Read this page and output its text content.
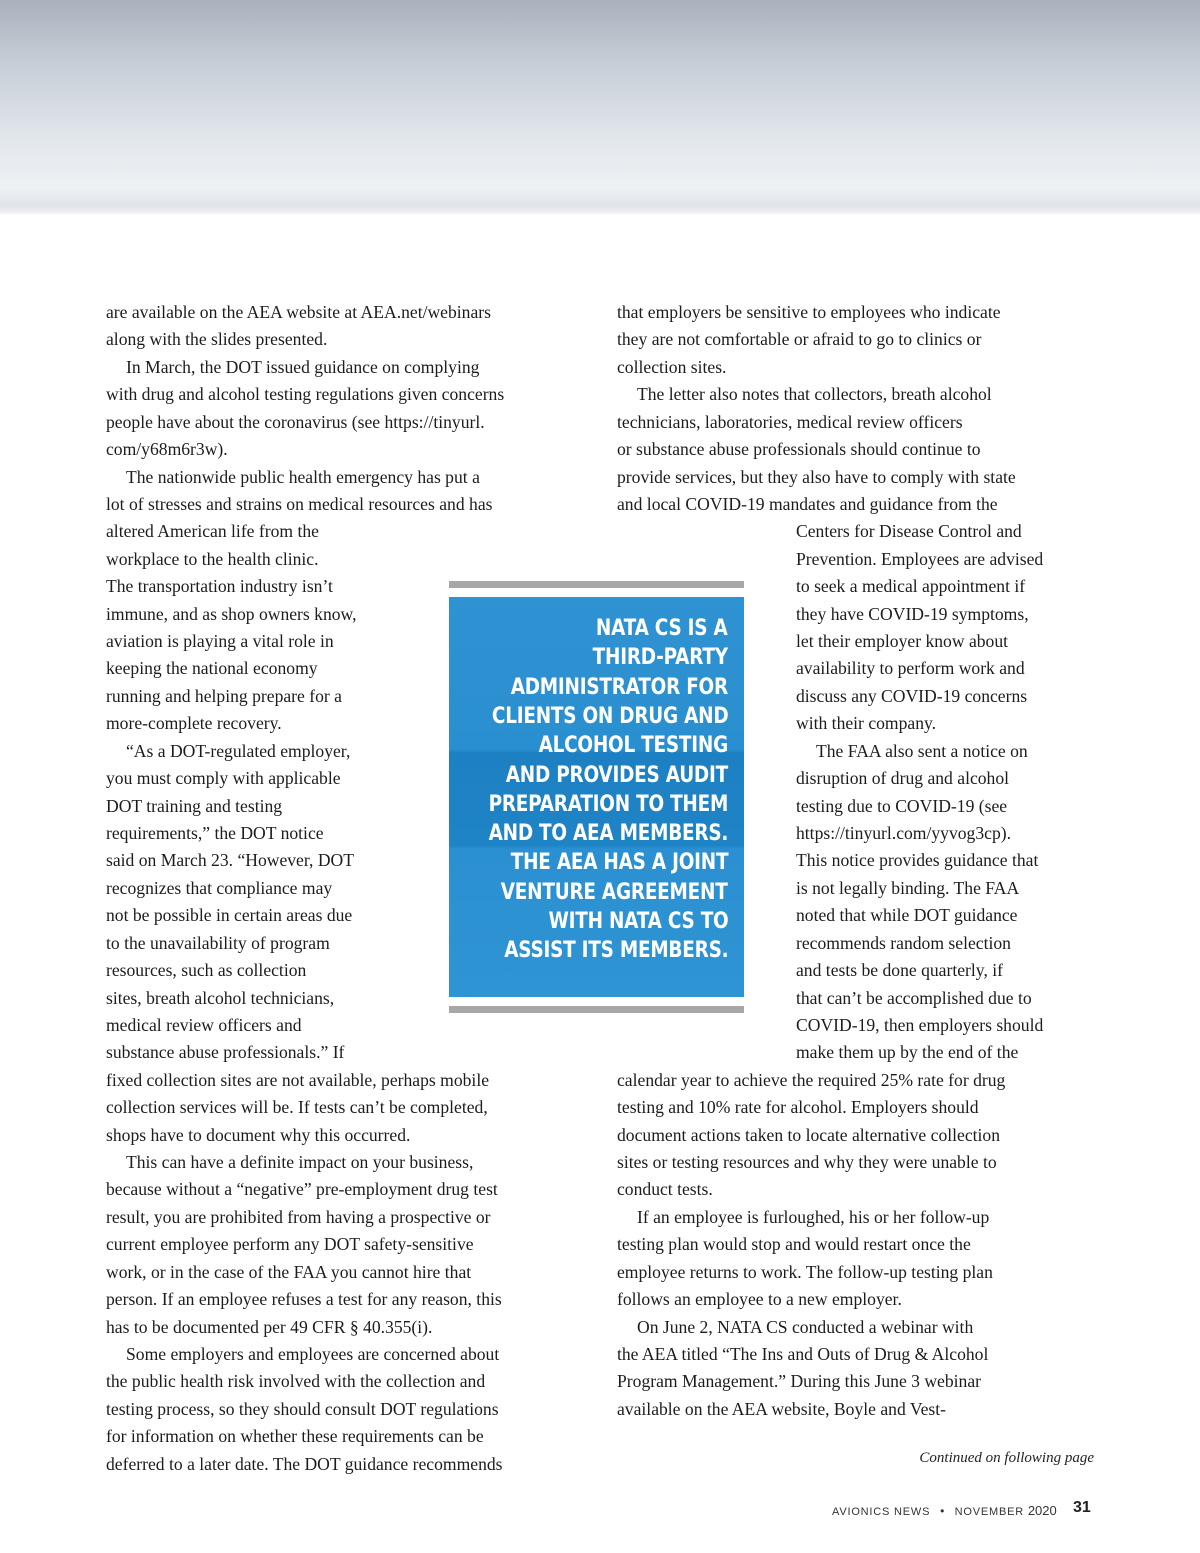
are available on the AEA website at AEA.net/webinars
along with the slides presented.
In March, the DOT issued guidance on complying
with drug and alcohol testing regulations given concerns
people have about the coronavirus (see https://tinyurl.
com/y68m6r3w).
The nationwide public health emergency has put a
lot of stresses and strains on medical resources and has
altered American life from the
workplace to the health clinic.
The transportation industry isn’t
immune, and as shop owners know,
aviation is playing a vital role in
keeping the national economy
running and helping prepare for a
more-complete recovery.
“As a DOT-regulated employer,
you must comply with applicable
DOT training and testing
requirements,” the DOT notice
said on March 23. “However, DOT
recognizes that compliance may
not be possible in certain areas due
to the unavailability of program
resources, such as collection
sites, breath alcohol technicians,
medical review officers and
substance abuse professionals.” If
fixed collection sites are not available, perhaps mobile
collection services will be. If tests can’t be completed,
shops have to document why this occurred.
This can have a definite impact on your business,
because without a “negative” pre-employment drug test
result, you are prohibited from having a prospective or
current employee perform any DOT safety-sensitive
work, or in the case of the FAA you cannot hire that
person. If an employee refuses a test for any reason, this
has to be documented per 49 CFR § 40.355(i).
Some employers and employees are concerned about
the public health risk involved with the collection and
testing process, so they should consult DOT regulations
for information on whether these requirements can be
deferred to a later date. The DOT guidance recommends
that employers be sensitive to employees who indicate
they are not comfortable or afraid to go to clinics or
collection sites.
The letter also notes that collectors, breath alcohol
technicians, laboratories, medical review officers
or substance abuse professionals should continue to
provide services, but they also have to comply with state
and local COVID-19 mandates and guidance from the
Centers for Disease Control and
Prevention. Employees are advised
to seek a medical appointment if
they have COVID-19 symptoms,
let their employer know about
availability to perform work and
discuss any COVID-19 concerns
with their company.
The FAA also sent a notice on
disruption of drug and alcohol
testing due to COVID-19 (see
https://tinyurl.com/yyvog3cp).
This notice provides guidance that
is not legally binding. The FAA
noted that while DOT guidance
recommends random selection
and tests be done quarterly, if
that can’t be accomplished due to
COVID-19, then employers should
make them up by the end of the
calendar year to achieve the required 25% rate for drug
testing and 10% rate for alcohol. Employers should
document actions taken to locate alternative collection
sites or testing resources and why they were unable to
conduct tests.
If an employee is furloughed, his or her follow-up
testing plan would stop and would restart once the
employee returns to work. The follow-up testing plan
follows an employee to a new employer.
On June 2, NATA CS conducted a webinar with
the AEA titled “The Ins and Outs of Drug & Alcohol
Program Management.” During this June 3 webinar
available on the AEA website, Boyle and Vest-
NATA CS IS A
THIRD-PARTY
ADMINISTRATOR FOR
CLIENTS ON DRUG AND
ALCOHOL TESTING
AND PROVIDES AUDIT
PREPARATION TO THEM
AND TO AEA MEMBERS.
THE AEA HAS A JOINT
VENTURE AGREEMENT
WITH NATA CS TO
ASSIST ITS MEMBERS.
Continued on following page
AVIONICS NEWS • NOVEMBER 2020 31
